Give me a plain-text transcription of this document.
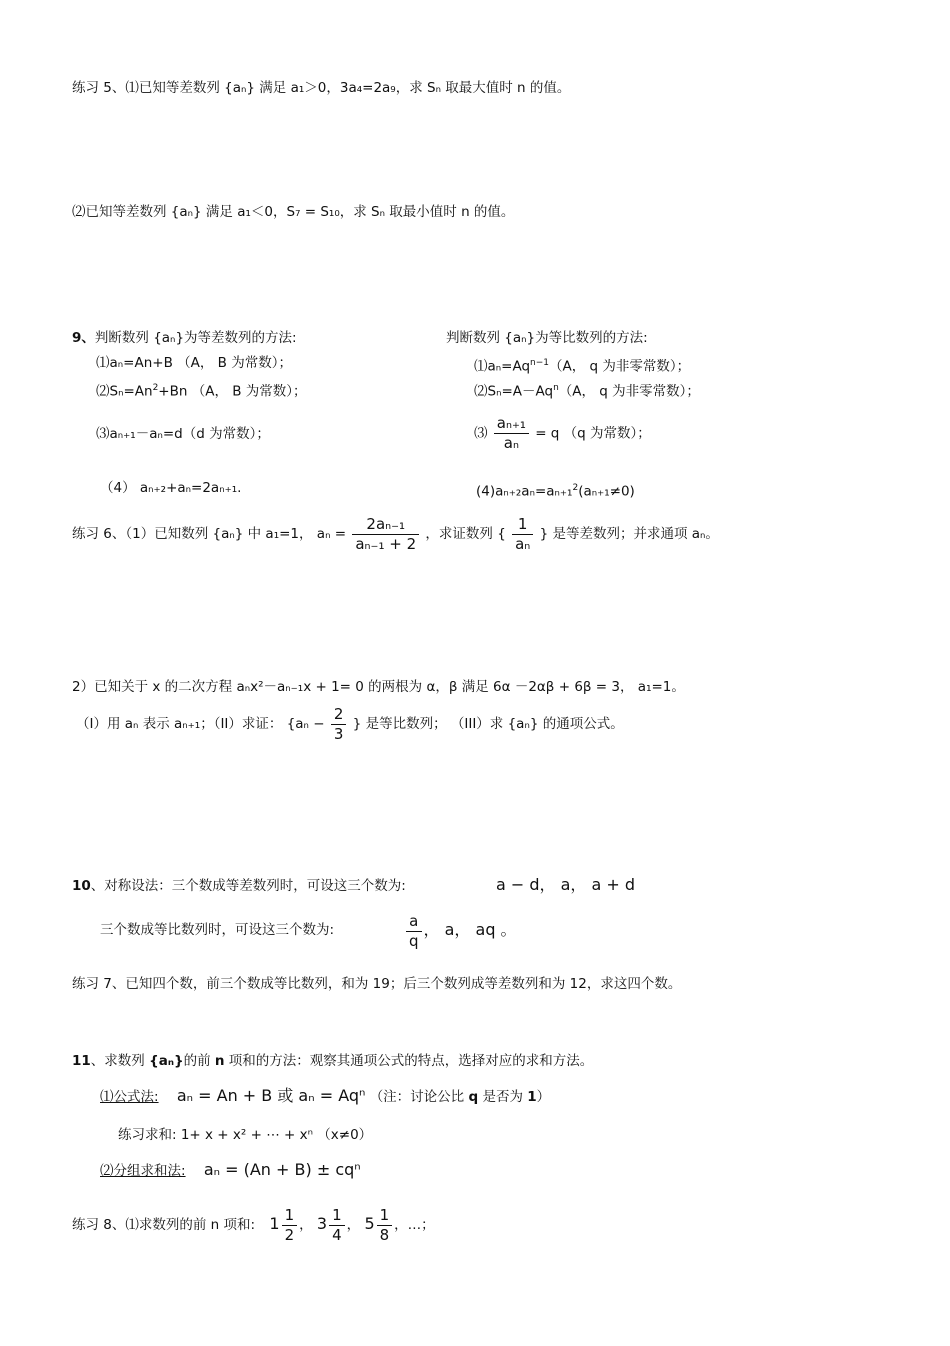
练习 5、⑴已知等差数列 {aₙ} 满足 a₁＞0，3a₄=2a₉，求 Sₙ 取最大值时 n 的值。
⑵已知等差数列 {aₙ} 满足 a₁＜0，S₇ = S₁₀，求 Sₙ 取最小值时 n 的值。
9、判断数列 {aₙ}为等差数列的方法:
⑴aₙ=An+B （A， B 为常数）；
$⑵S_n=An^2+Bn$ （A， B 为常数）；
⑶aₙ₊₁－aₙ=d（d 为常数）；
（4） aₙ₊₂+aₙ=2aₙ₊₁.
判断数列 {aₙ}为等比数列的方法:
$⑴a_n=Aq^{n-1}(A$， q 为非零常数）；
$⑵S_n=A-Aq^n(A$， q 为非零常数）；
⑶ $\frac{\text{aₙ₊₁}}{\text{aₙ}} = q$ （q 为常数）；
(4)aₙ₊₂aₙ=aₙ₊₁$^2$(aₙ₊₁≠0)
练习 6、（1）已知数列 {aₙ} 中 a₁=1， $a_n = \frac{\text{2aₙ₋₁}}{\text{aₙ₋₁ + 2}}$ ，求证数列 { $\frac{1}{\text{aₙ}}$ } 是等差数列；并求通项 aₙ。
2）已知关于 x 的二次方程 aₙx²－aₙ₋₁x + 1= 0 的两根为 α，β 满足 6α －2αβ + 6β = 3， a₁=1。
（I）用 aₙ 表示 aₙ₊₁；（II）求证： {$a_n - \frac{2}{3}$ } 是等比数列； （III）求 {aₙ} 的通项公式。
10、对称设法：三个数成等差数列时，可设这三个数为:	a − d， a， a + d
三个数成等比数列时，可设这三个数为:	$\frac{a}{q}$ ， a， aq 。
练习 7、已知四个数，前三个数成等比数列，和为 19；后三个数列成等差数列和为 12，求这四个数。
11、求数列 {aₙ}的前 n 项和的方法：观察其通项公式的特点，选择对应的求和方法。
⑴公式法: aₙ = An + B 或 aₙ = Aqⁿ （注：讨论公比 q 是否为 1）
练习求和: 1+ x + x² + ⋯ + xⁿ （x≠0）
⑵分组求和法: aₙ = (An + B) ± cqⁿ
练习 8、⑴求数列的前 n 项和: $1 \frac{1}{2}$ ， $3 \frac{1}{4}$ ， $5 \frac{1}{8}$ ，…；
